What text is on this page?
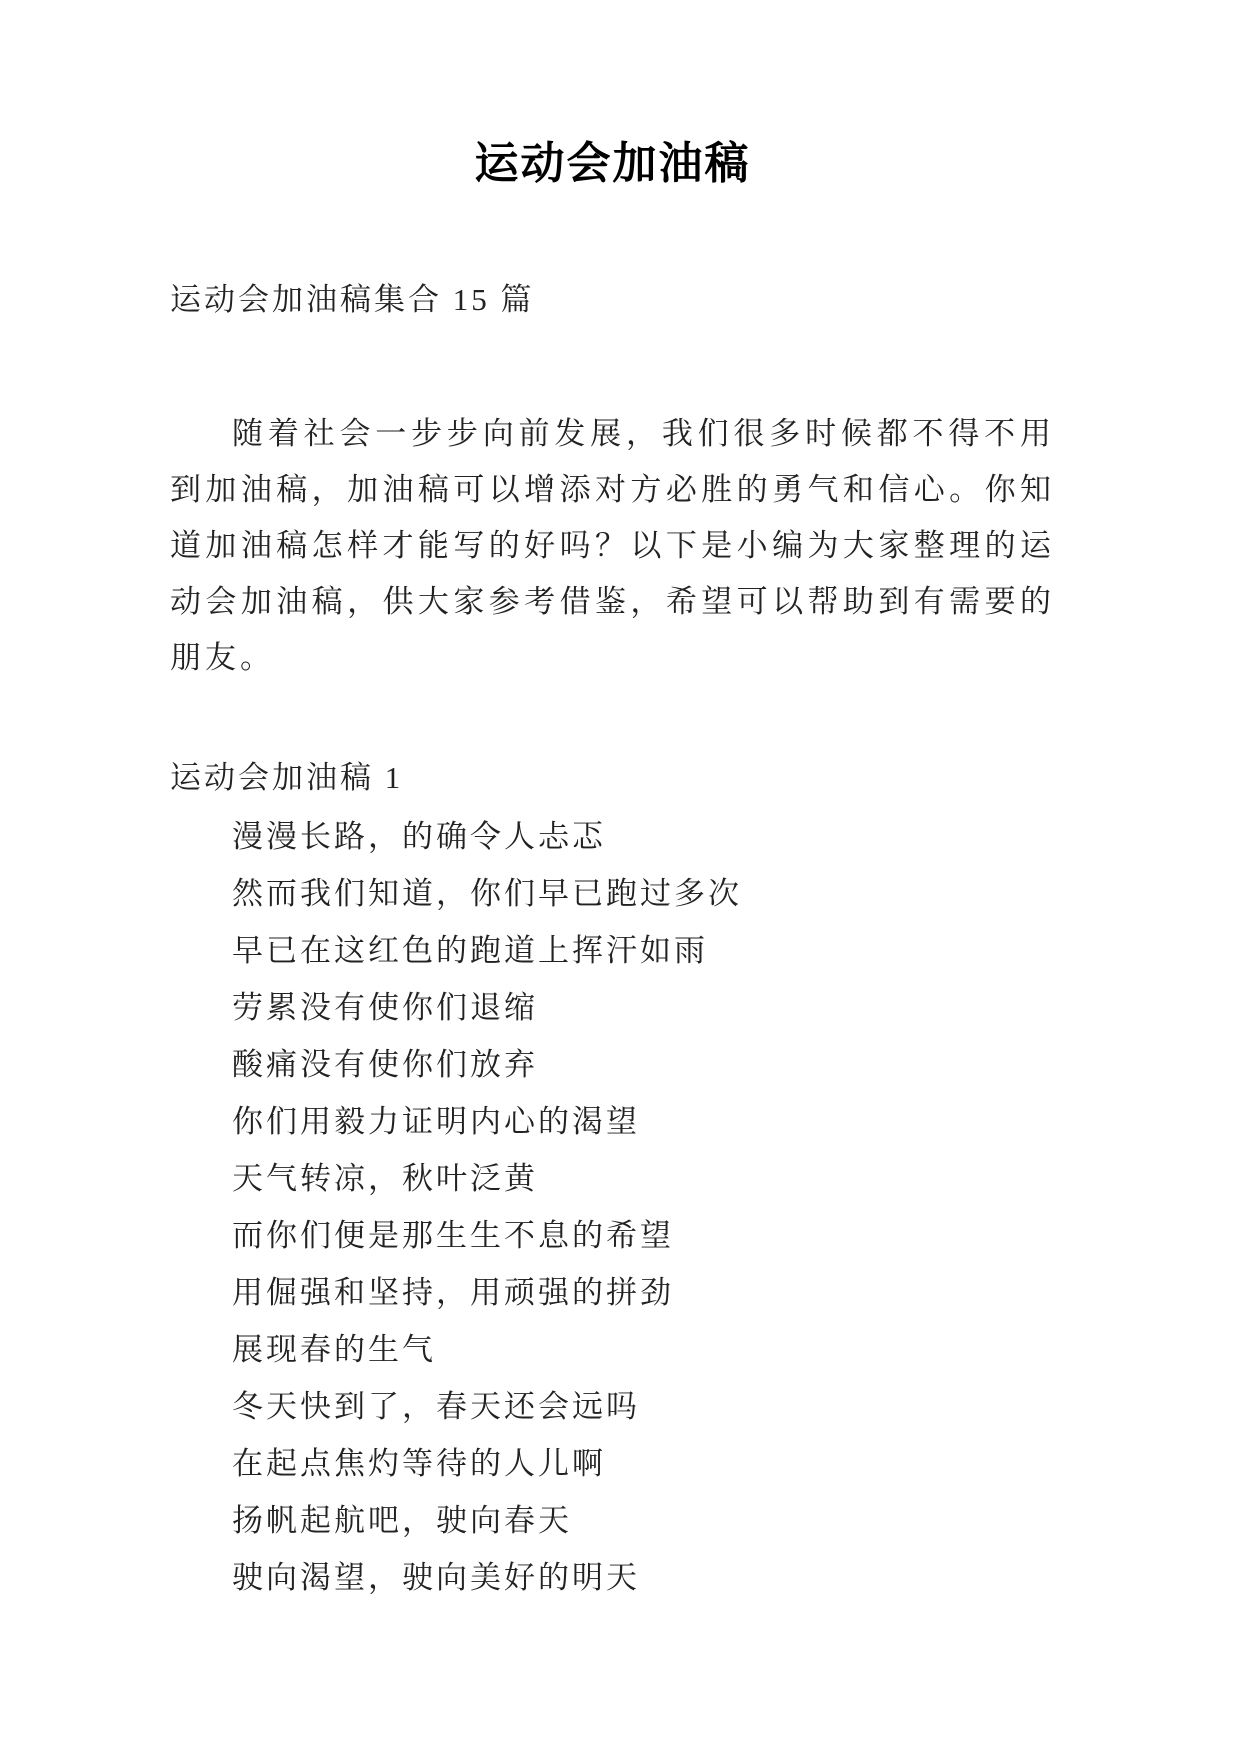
运动会加油稿

运动会加油稿集合 15 篇

随着社会一步步向前发展，我们很多时候都不得不用到加油稿，加油稿可以增添对方必胜的勇气和信心。你知道加油稿怎样才能写的好吗？以下是小编为大家整理的运动会加油稿，供大家参考借鉴，希望可以帮助到有需要的朋友。

运动会加油稿 1

漫漫长路，的确令人忐忑

然而我们知道，你们早已跑过多次

早已在这红色的跑道上挥汗如雨

劳累没有使你们退缩

酸痛没有使你们放弃

你们用毅力证明内心的渴望

天气转凉，秋叶泛黄

而你们便是那生生不息的希望

用倔强和坚持，用顽强的拼劲

展现春的生气

冬天快到了，春天还会远吗

在起点焦灼等待的人儿啊

扬帆起航吧，驶向春天

驶向渴望，驶向美好的明天
